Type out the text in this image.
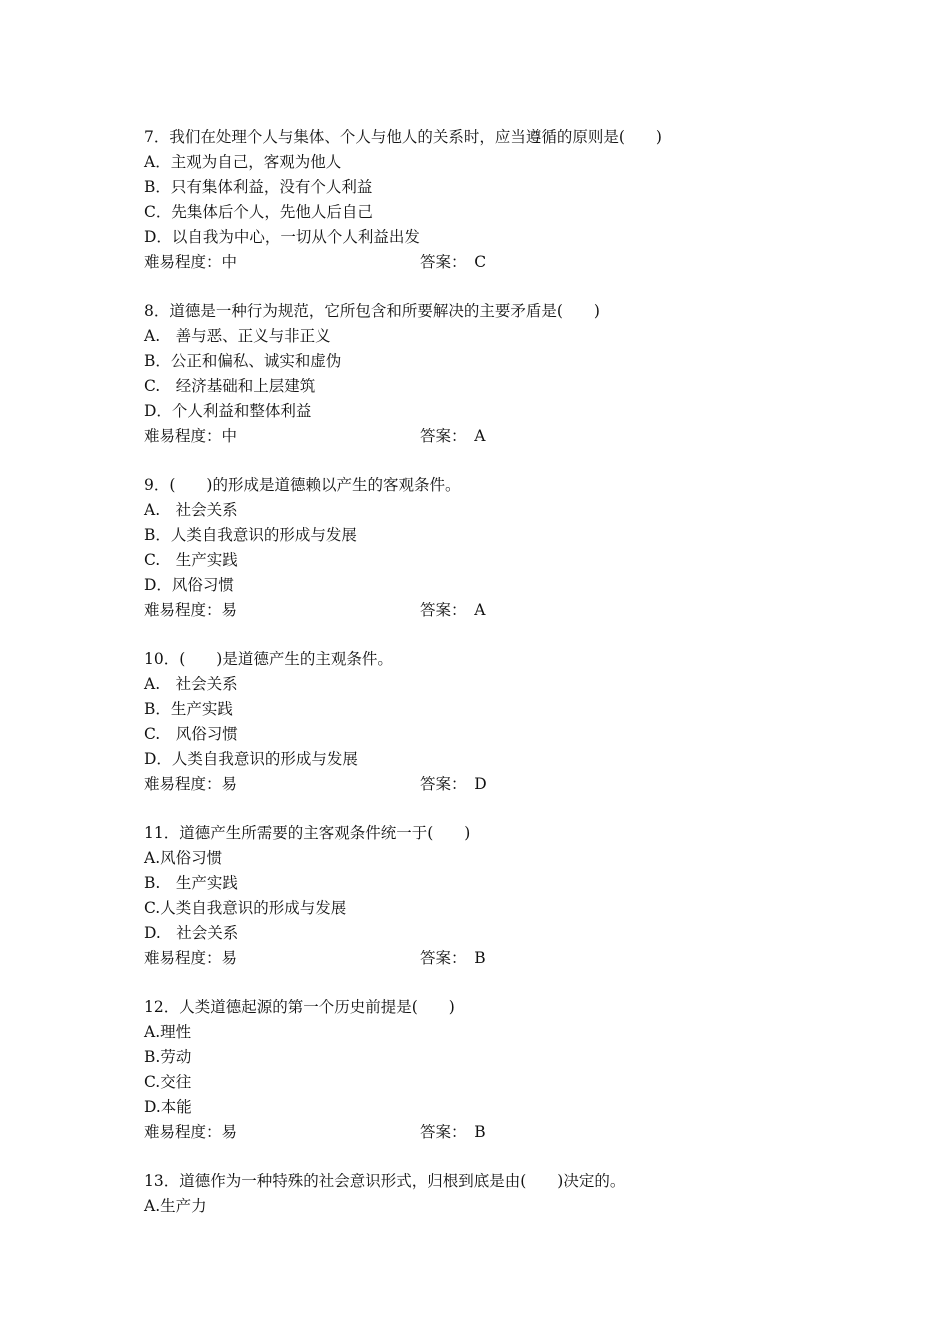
7．我们在处理个人与集体、个人与他人的关系时，应当遵循的原则是(　　)
A．主观为自己，客观为他人
B．只有集体利益，没有个人利益
C．先集体后个人，先他人后自己
D．以自我为中心，一切从个人利益出发
难易程度：中	答案：　C
8．道德是一种行为规范，它所包含和所要解决的主要矛盾是(　　)
A.　善与恶、正义与非正义
B．公正和偏私、诚实和虚伪
C.　经济基础和上层建筑
D．个人利益和整体利益
难易程度：中	答案：　A
9．(　　)的形成是道德赖以产生的客观条件。
A.　社会关系
B．人类自我意识的形成与发展
C.　生产实践
D．风俗习惯
难易程度：易	答案：　A
10．(　　)是道德产生的主观条件。
A.　社会关系
B．生产实践
C.　风俗习惯
D．人类自我意识的形成与发展
难易程度：易	答案：　D
11．道德产生所需要的主客观条件统一于(　　)
A.风俗习惯
B.　生产实践
C.人类自我意识的形成与发展
D.　社会关系
难易程度：易	答案：　B
12．人类道德起源的第一个历史前提是(　　)
A.理性
B.劳动
C.交往
D.本能
难易程度：易	答案：　B
13．道德作为一种特殊的社会意识形式，归根到底是由(　　)决定的。
A.生产力
